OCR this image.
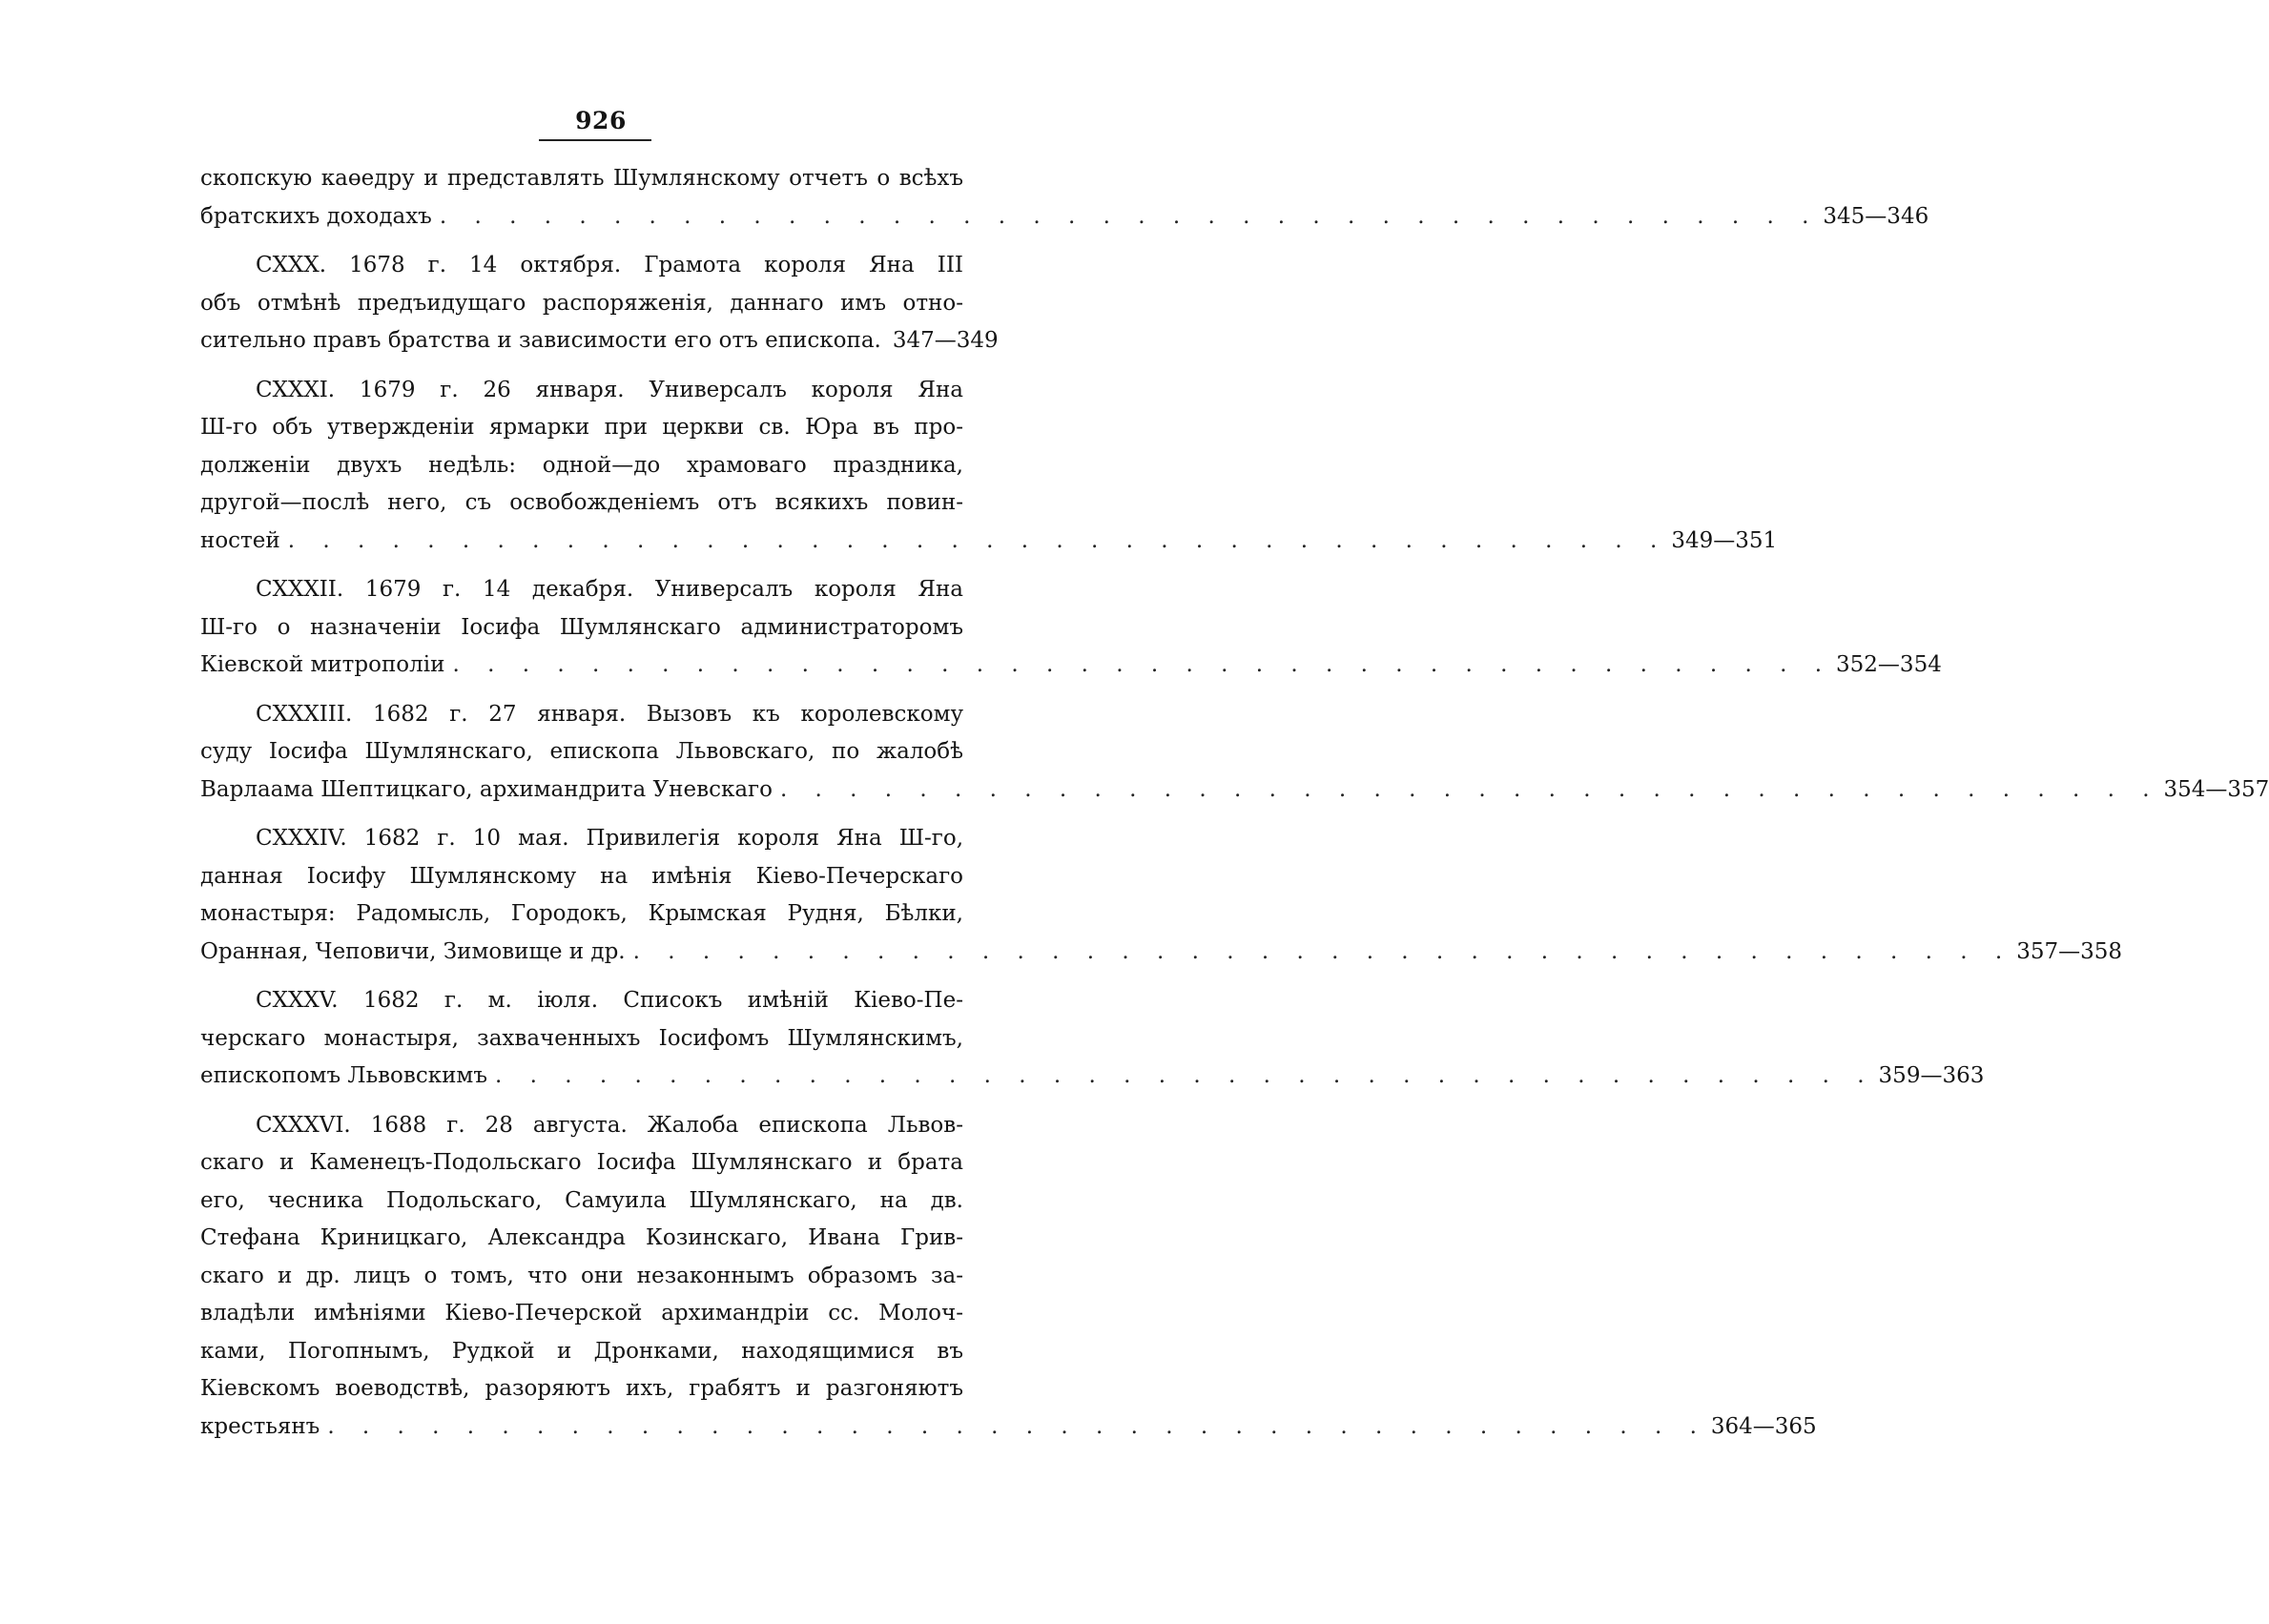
926
скопскую каөедру и представлять Шумлянскому отчетъ о всѣхъ
братскихъ доходахъ . . . . . . . . . . . . . . . . . . . . . . . . . . . . . . . . . . . . . . . . 345—346
СХХХ. 1678 г. 14 октября. Грамота короля Яна III
объ отмѣнѣ предъидущаго распоряженія, даннаго имъ отно-
сительно правъ братства и зависимости его отъ епископа. 347—349
СХХХІ. 1679 г. 26 января. Универсалъ короля Яна
Ш-го объ утвержденіи ярмарки при церкви св. Юра въ про-
долженіи двухъ недѣль: одной—до храмоваго праздника,
другой—послѣ него, съ освобожденіемъ отъ всякихъ повин-
ностей . . . . . . . . . . . . . . . . . . . . . . . . . . . . . . . . . . . . . . . . 349—351
СХХХІІ. 1679 г. 14 декабря. Универсалъ короля Яна
Ш-го о назначеніи Іосифа Шумлянскаго администраторомъ
Кіевской митрополіи . . . . . . . . . . . . . . . . . . . . . . . . . . . . . . . . . . . . . . . . 352—354
СХХХІІІ. 1682 г. 27 января. Вызовъ къ королевскому
суду Іосифа Шумлянскаго, епископа Львовскаго, по жалобѣ
Варлаама Шептицкаго, архимандрита Уневскаго . . . . . . . . . . . . . . . . . . . . . . . . . . . . . . . . . . . . . . . . 354—357
СХХХІV. 1682 г. 10 мая. Привилегія короля Яна Ш-го,
данная Іосифу Шумлянскому на имѣнія Кіево-Печерскаго
монастыря: Радомысль, Городокъ, Крымская Рудня, Бѣлки,
Оранная, Чеповичи, Зимовище и др. . . . . . . . . . . . . . . . . . . . . . . . . . . . . . . . . . . . . . . . . 357—358
СХХХV. 1682 г. м. іюля. Списокъ имѣній Кіево-Пе-
черскаго монастыря, захваченныхъ Іосифомъ Шумлянскимъ,
епископомъ Львовскимъ . . . . . . . . . . . . . . . . . . . . . . . . . . . . . . . . . . . . . . . . 359—363
СХХХVІ. 1688 г. 28 августа. Жалоба епископа Львов-
скаго и Каменецъ-Подольскаго Іосифа Шумлянскаго и брата
его, чесника Подольскаго, Самуила Шумлянскаго, на дв.
Стефана Криницкаго, Александра Козинскаго, Ивана Грив-
скаго и др. лицъ о томъ, что они незаконнымъ образомъ за-
владѣли имѣніями Кіево-Печерской архимандріи сс. Молоч-
ками, Погопнымъ, Рудкой и Дронками, находящимися въ
Кіевскомъ воеводствѣ, разоряютъ ихъ, грабятъ и разгоняютъ
крестьянъ . . . . . . . . . . . . . . . . . . . . . . . . . . . . . . . . . . . . . . . . 364—365
